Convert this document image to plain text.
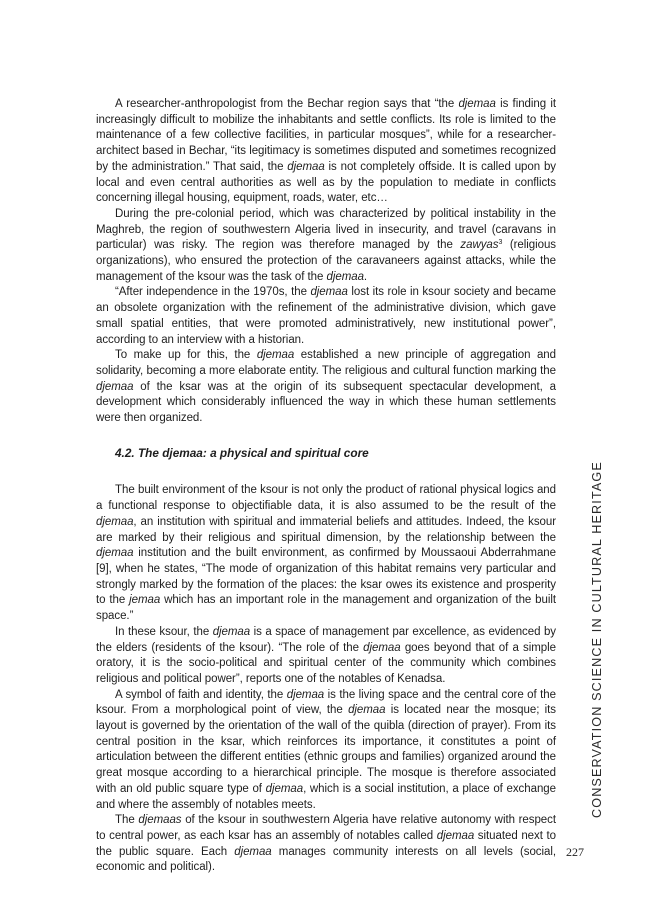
A researcher-anthropologist from the Bechar region says that “the djemaa is finding it increasingly difficult to mobilize the inhabitants and settle conflicts. Its role is limited to the maintenance of a few collective facilities, in particular mosques”, while for a researcher-architect based in Bechar, “its legitimacy is sometimes disputed and sometimes recognized by the administration.” That said, the djemaa is not completely offside. It is called upon by local and even central authorities as well as by the population to mediate in conflicts concerning illegal housing, equipment, roads, water, etc…

During the pre-colonial period, which was characterized by political instability in the Maghreb, the region of southwestern Algeria lived in insecurity, and travel (caravans in particular) was risky. The region was therefore managed by the zawyas$^3$ (religious organizations), who ensured the protection of the caravaneers against attacks, while the management of the ksour was the task of the djemaa.

“After independence in the 1970s, the djemaa lost its role in ksour society and became an obsolete organization with the refinement of the administrative division, which gave small spatial entities, that were promoted administratively, new institutional power”, according to an interview with a historian.

To make up for this, the djemaa established a new principle of aggregation and solidarity, becoming a more elaborate entity. The religious and cultural function marking the djemaa of the ksar was at the origin of its subsequent spectacular development, a development which considerably influenced the way in which these human settlements were then organized.

4.2. The djemaa: a physical and spiritual core

The built environment of the ksour is not only the product of rational physical logics and a functional response to objectifiable data, it is also assumed to be the result of the djemaa, an institution with spiritual and immaterial beliefs and attitudes. Indeed, the ksour are marked by their religious and spiritual dimension, by the relationship between the djemaa institution and the built environment, as confirmed by Moussaoui Abderrahmane [9], when he states, “The mode of organization of this habitat remains very particular and strongly marked by the formation of the places: the ksar owes its existence and prosperity to the jemaa which has an important role in the management and organization of the built space.”

In these ksour, the djemaa is a space of management par excellence, as evidenced by the elders (residents of the ksour). “The role of the djemaa goes beyond that of a simple oratory, it is the socio-political and spiritual center of the community which combines religious and political power”, reports one of the notables of Kenadsa.

A symbol of faith and identity, the djemaa is the living space and the central core of the ksour. From a morphological point of view, the djemaa is located near the mosque; its layout is governed by the orientation of the wall of the quibla (direction of prayer). From its central position in the ksar, which reinforces its importance, it constitutes a point of articulation between the different entities (ethnic groups and families) organized around the great mosque according to a hierarchical principle. The mosque is therefore associated with an old public square type of djemaa, which is a social institution, a place of exchange and where the assembly of notables meets.

The djemaas of the ksour in southwestern Algeria have relative autonomy with respect to central power, as each ksar has an assembly of notables called djemaa situated next to the public square. Each djemaa manages community interests on all levels (social, economic and political).

CONSERVATION SCIENCE IN CULTURAL HERITAGE
227
